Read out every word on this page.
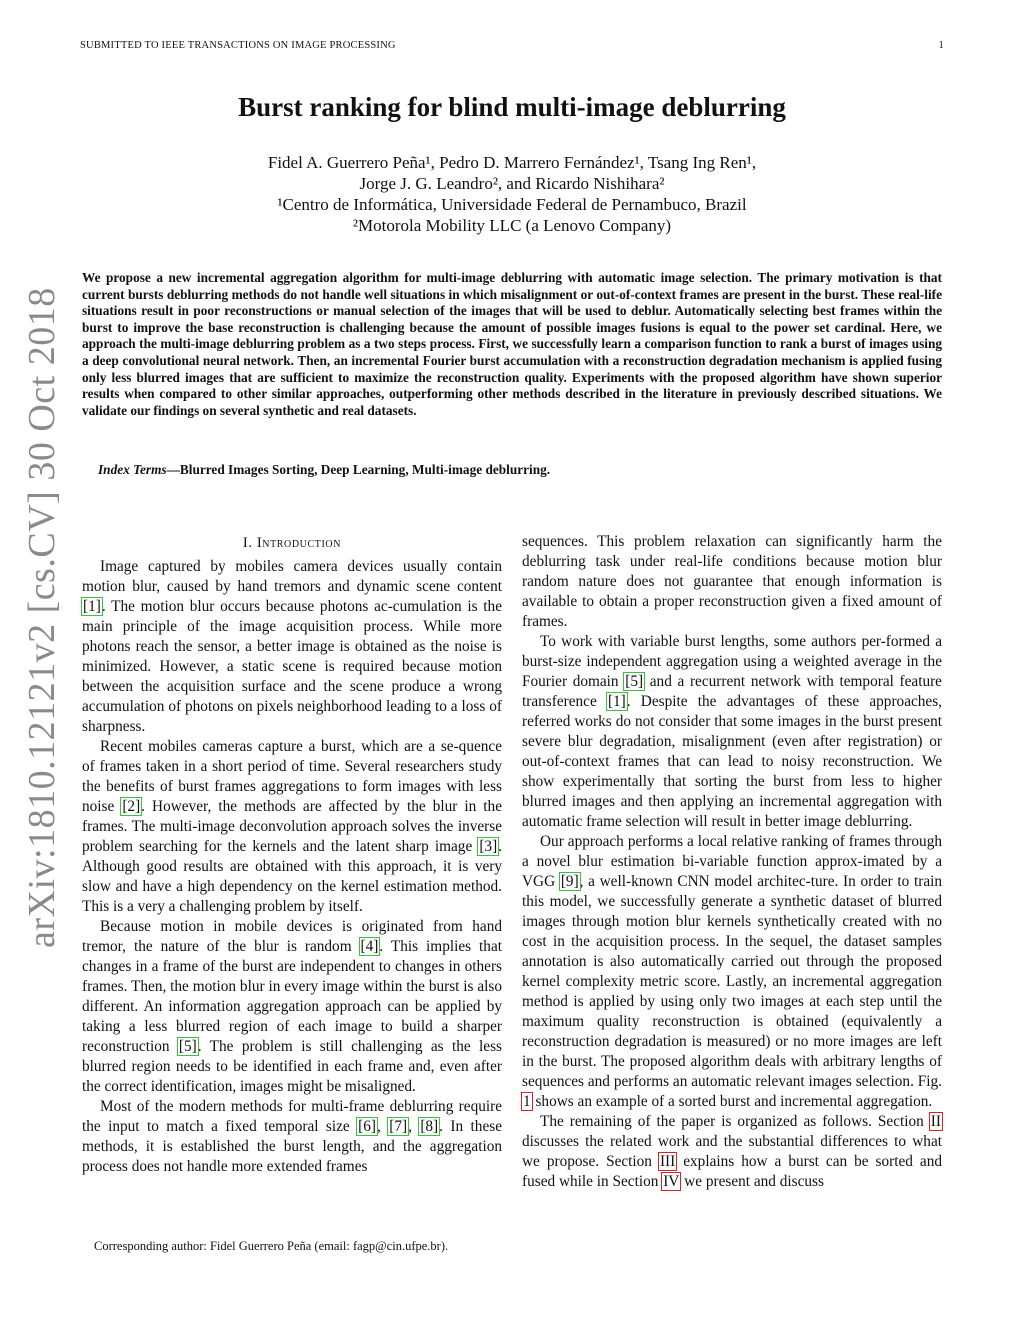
SUBMITTED TO IEEE TRANSACTIONS ON IMAGE PROCESSING	1
arXiv:1810.12121v2 [cs.CV] 30 Oct 2018
Burst ranking for blind multi-image deblurring
Fidel A. Guerrero Peña¹, Pedro D. Marrero Fernández¹, Tsang Ing Ren¹,
Jorge J. G. Leandro², and Ricardo Nishihara²
¹Centro de Informática, Universidade Federal de Pernambuco, Brazil
²Motorola Mobility LLC (a Lenovo Company)
We propose a new incremental aggregation algorithm for multi-image deblurring with automatic image selection. The primary motivation is that current bursts deblurring methods do not handle well situations in which misalignment or out-of-context frames are present in the burst. These real-life situations result in poor reconstructions or manual selection of the images that will be used to deblur. Automatically selecting best frames within the burst to improve the base reconstruction is challenging because the amount of possible images fusions is equal to the power set cardinal. Here, we approach the multi-image deblurring problem as a two steps process. First, we successfully learn a comparison function to rank a burst of images using a deep convolutional neural network. Then, an incremental Fourier burst accumulation with a reconstruction degradation mechanism is applied fusing only less blurred images that are sufficient to maximize the reconstruction quality. Experiments with the proposed algorithm have shown superior results when compared to other similar approaches, outperforming other methods described in the literature in previously described situations. We validate our findings on several synthetic and real datasets.
Index Terms—Blurred Images Sorting, Deep Learning, Multi-image deblurring.
I. Introduction

Image captured by mobiles camera devices usually contain motion blur, caused by hand tremors and dynamic scene content [1]. The motion blur occurs because photons ac-cumulation is the main principle of the image acquisition process. While more photons reach the sensor, a better image is obtained as the noise is minimized. However, a static scene is required because motion between the acquisition surface and the scene produce a wrong accumulation of photons on pixels neighborhood leading to a loss of sharpness.

Recent mobiles cameras capture a burst, which are a se-quence of frames taken in a short period of time. Several researchers study the benefits of burst frames aggregations to form images with less noise [2]. However, the methods are affected by the blur in the frames. The multi-image deconvolution approach solves the inverse problem searching for the kernels and the latent sharp image [3]. Although good results are obtained with this approach, it is very slow and have a high dependency on the kernel estimation method. This is a very a challenging problem by itself.

Because motion in mobile devices is originated from hand tremor, the nature of the blur is random [4]. This implies that changes in a frame of the burst are independent to changes in others frames. Then, the motion blur in every image within the burst is also different. An information aggregation approach can be applied by taking a less blurred region of each image to build a sharper reconstruction [5]. The problem is still challenging as the less blurred region needs to be identified in each frame and, even after the correct identification, images might be misaligned.

Most of the modern methods for multi-frame deblurring require the input to match a fixed temporal size [6], [7], [8]. In these methods, it is established the burst length, and the aggregation process does not handle more extended frames

Corresponding author: Fidel Guerrero Peña (email: fagp@cin.ufpe.br).

sequences. This problem relaxation can significantly harm the deblurring task under real-life conditions because motion blur random nature does not guarantee that enough information is available to obtain a proper reconstruction given a fixed amount of frames.

To work with variable burst lengths, some authors per-formed a burst-size independent aggregation using a weighted average in the Fourier domain [5] and a recurrent network with temporal feature transference [1]. Despite the advantages of these approaches, referred works do not consider that some images in the burst present severe blur degradation, misalignment (even after registration) or out-of-context frames that can lead to noisy reconstruction. We show experimentally that sorting the burst from less to higher blurred images and then applying an incremental aggregation with automatic frame selection will result in better image deblurring.

Our approach performs a local relative ranking of frames through a novel blur estimation bi-variable function approx-imated by a VGG [9], a well-known CNN model architec-ture. In order to train this model, we successfully generate a synthetic dataset of blurred images through motion blur kernels synthetically created with no cost in the acquisition process. In the sequel, the dataset samples annotation is also automatically carried out through the proposed kernel complexity metric score. Lastly, an incremental aggregation method is applied by using only two images at each step until the maximum quality reconstruction is obtained (equivalently a reconstruction degradation is measured) or no more images are left in the burst. The proposed algorithm deals with arbitrary lengths of sequences and performs an automatic relevant images selection. Fig. 1 shows an example of a sorted burst and incremental aggregation.

The remaining of the paper is organized as follows. Section II discusses the related work and the substantial differences to what we propose. Section III explains how a burst can be sorted and fused while in Section IV we present and discuss
